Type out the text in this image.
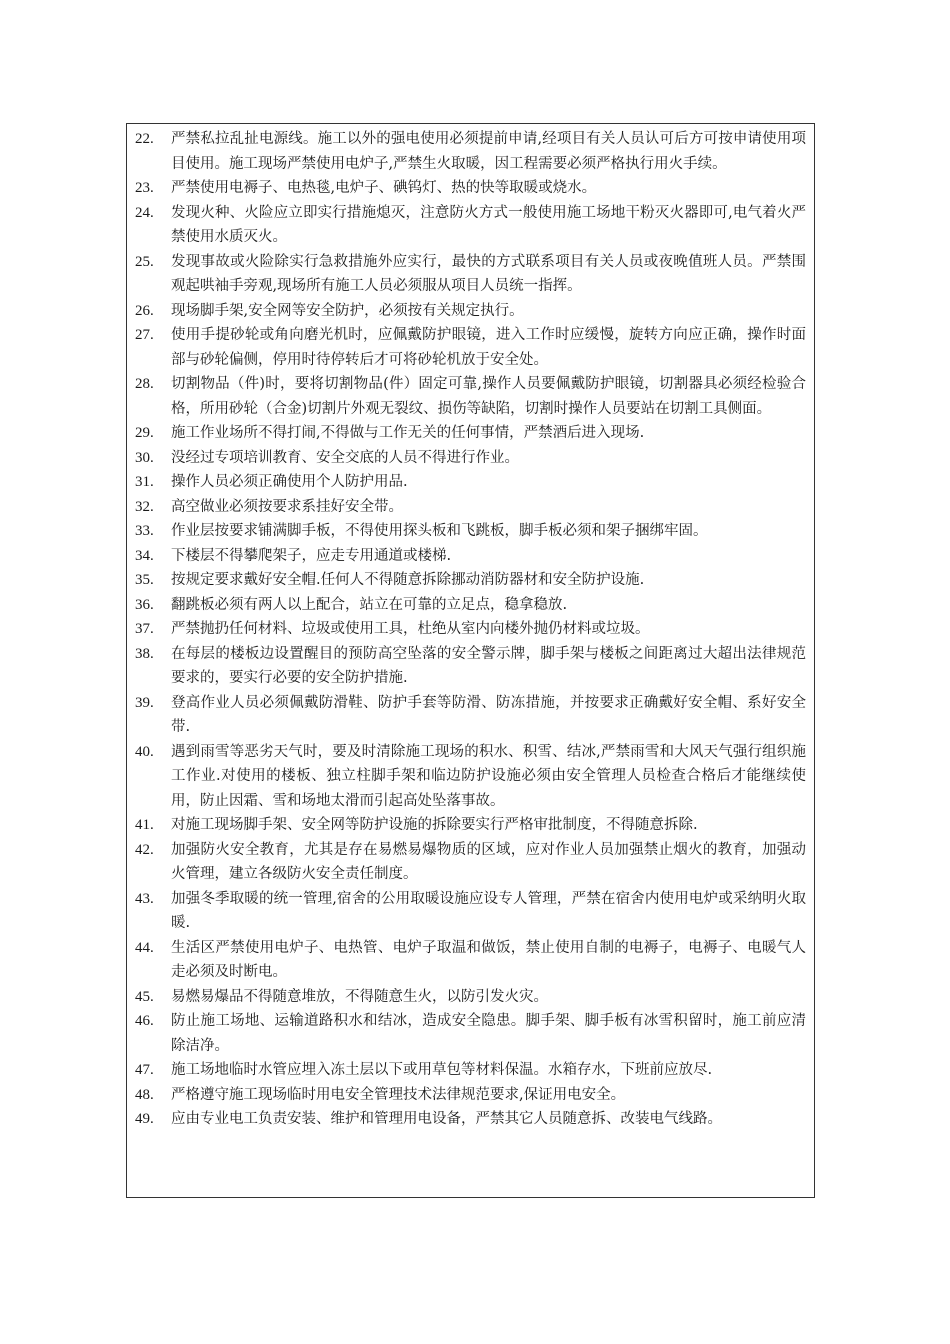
22.	严禁私拉乱扯电源线。施工以外的强电使用必须提前申请,经项目有关人员认可后方可按申请使用项目使用。施工现场严禁使用电炉子,严禁生火取暖，因工程需要必须严格执行用火手续。
23.	严禁使用电褥子、电热毯,电炉子、碘钨灯、热的快等取暖或烧水。
24.	发现火种、火险应立即实行措施熄灭，注意防火方式一般使用施工场地干粉灭火器即可,电气着火严禁使用水质灭火。
25.	发现事故或火险除实行急救措施外应实行，最快的方式联系项目有关人员或夜晚值班人员。严禁围观起哄袖手旁观,现场所有施工人员必须服从项目人员统一指挥。
26.	现场脚手架,安全网等安全防护，必须按有关规定执行。
27.	使用手提砂轮或角向磨光机时，应佩戴防护眼镜，进入工作时应缓慢，旋转方向应正确，操作时面部与砂轮偏侧，停用时待停转后才可将砂轮机放于安全处。
28.	切割物品（件)时，要将切割物品(件）固定可靠,操作人员要佩戴防护眼镜，切割器具必须经检验合格，所用砂轮（合金)切割片外观无裂纹、损伤等缺陷，切割时操作人员要站在切割工具侧面。
29.	施工作业场所不得打闹,不得做与工作无关的任何事情，严禁酒后进入现场.
30.	没经过专项培训教育、安全交底的人员不得进行作业。
31.	操作人员必须正确使用个人防护用品.
32.	高空做业必须按要求系挂好安全带。
33.	作业层按要求铺满脚手板，不得使用探头板和飞跳板，脚手板必须和架子捆绑牢固。
34.	下楼层不得攀爬架子，应走专用通道或楼梯.
35.	按规定要求戴好安全帽.任何人不得随意拆除挪动消防器材和安全防护设施.
36.	翻跳板必须有两人以上配合，站立在可靠的立足点，稳拿稳放.
37.	严禁抛扔任何材料、垃圾或使用工具，杜绝从室内向楼外抛仍材料或垃圾。
38.	在每层的楼板边设置醒目的预防高空坠落的安全警示牌，脚手架与楼板之间距离过大超出法律规范要求的，要实行必要的安全防护措施.
39.	登高作业人员必须佩戴防滑鞋、防护手套等防滑、防冻措施，并按要求正确戴好安全帽、系好安全带.
40.	遇到雨雪等恶劣天气时，要及时清除施工现场的积水、积雪、结冰,严禁雨雪和大风天气强行组织施工作业.对使用的楼板、独立柱脚手架和临边防护设施必须由安全管理人员检查合格后才能继续使用，防止因霜、雪和场地太滑而引起高处坠落事故。
41.	对施工现场脚手架、安全网等防护设施的拆除要实行严格审批制度，不得随意拆除.
42.	加强防火安全教育，尤其是存在易燃易爆物质的区域，应对作业人员加强禁止烟火的教育，加强动火管理，建立各级防火安全责任制度。
43.	加强冬季取暖的统一管理,宿舍的公用取暖设施应设专人管理，严禁在宿舍内使用电炉或采纳明火取暖.
44.	生活区严禁使用电炉子、电热管、电炉子取温和做饭，禁止使用自制的电褥子，电褥子、电暖气人走必须及时断电。
45.	易燃易爆品不得随意堆放，不得随意生火，以防引发火灾。
46.	防止施工场地、运输道路积水和结冰，造成安全隐患。脚手架、脚手板有冰雪积留时，施工前应清除洁净。
47.	施工场地临时水管应埋入冻土层以下或用草包等材料保温。水箱存水，下班前应放尽.
48.	严格遵守施工现场临时用电安全管理技术法律规范要求,保证用电安全。
49.	应由专业电工负责安装、维护和管理用电设备，严禁其它人员随意拆、改装电气线路。
